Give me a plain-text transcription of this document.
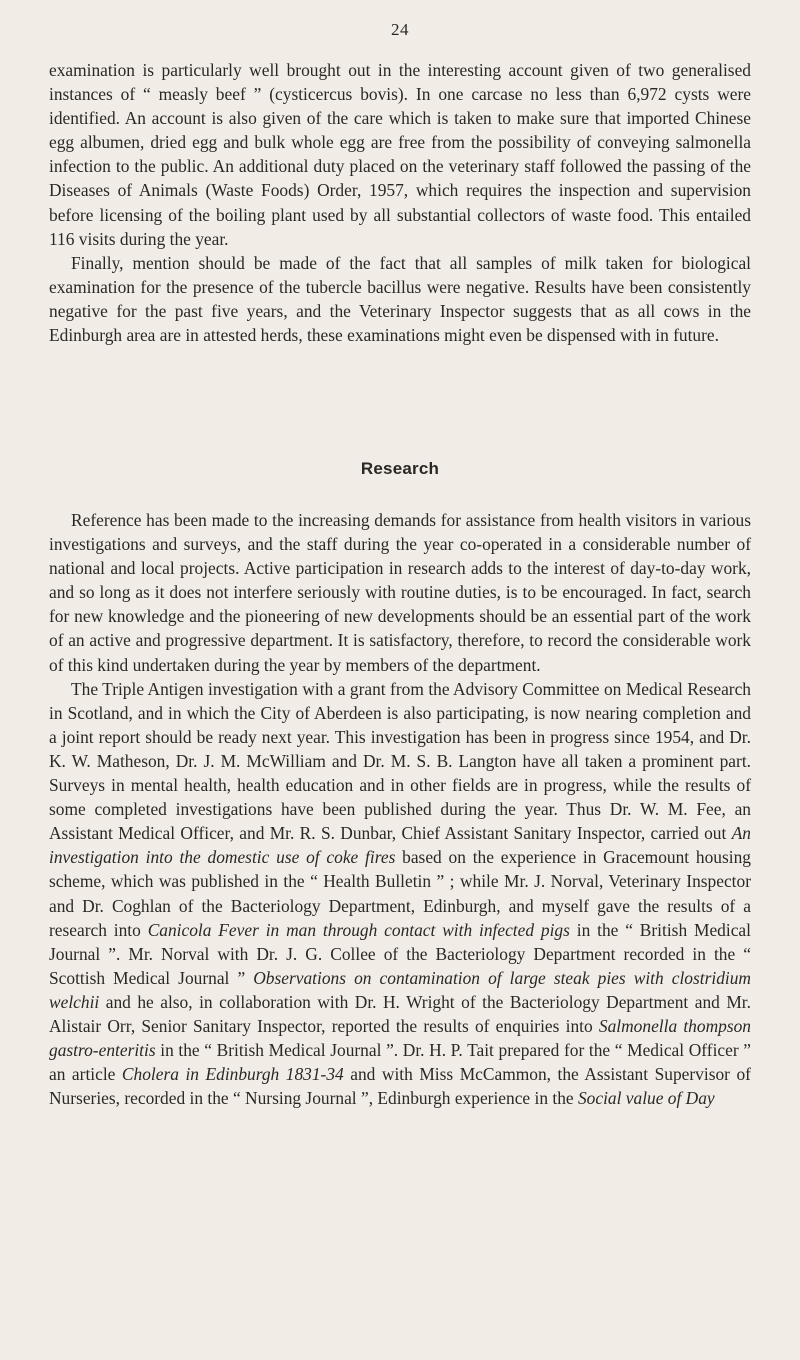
24

examination is particularly well brought out in the interesting account given of two generalised instances of “ measly beef ” (cysticercus bovis). In one carcase no less than 6,972 cysts were identified. An account is also given of the care which is taken to make sure that imported Chinese egg albumen, dried egg and bulk whole egg are free from the possibility of conveying salmonella infection to the public. An additional duty placed on the veterinary staff followed the passing of the Diseases of Animals (Waste Foods) Order, 1957, which requires the inspection and supervision before licensing of the boiling plant used by all substantial collectors of waste food. This entailed 116 visits during the year.

Finally, mention should be made of the fact that all samples of milk taken for biological examination for the presence of the tubercle bacillus were negative. Results have been consistently negative for the past five years, and the Veterinary Inspector suggests that as all cows in the Edinburgh area are in attested herds, these examinations might even be dispensed with in future.

Research

Reference has been made to the increasing demands for assistance from health visitors in various investigations and surveys, and the staff during the year co-operated in a considerable number of national and local projects. Active participation in research adds to the interest of day-to-day work, and so long as it does not interfere seriously with routine duties, is to be encouraged. In fact, search for new knowledge and the pioneering of new developments should be an essential part of the work of an active and progressive department. It is satisfactory, therefore, to record the considerable work of this kind undertaken during the year by members of the department.

The Triple Antigen investigation with a grant from the Advisory Committee on Medical Research in Scotland, and in which the City of Aberdeen is also participating, is now nearing completion and a joint report should be ready next year. This investigation has been in progress since 1954, and Dr. K. W. Matheson, Dr. J. M. McWilliam and Dr. M. S. B. Langton have all taken a prominent part. Surveys in mental health, health education and in other fields are in progress, while the results of some completed investigations have been published during the year. Thus Dr. W. M. Fee, an Assistant Medical Officer, and Mr. R. S. Dunbar, Chief Assistant Sanitary Inspector, carried out An investigation into the domestic use of coke fires based on the experience in Gracemount housing scheme, which was published in the “ Health Bulletin ” ; while Mr. J. Norval, Veterinary Inspector and Dr. Coghlan of the Bacteriology Department, Edinburgh, and myself gave the results of a research into Canicola Fever in man through contact with infected pigs in the “ British Medical Journal ”. Mr. Norval with Dr. J. G. Collee of the Bacteriology Department recorded in the “ Scottish Medical Journal ” Observations on contamination of large steak pies with clostridium welchii and he also, in collaboration with Dr. H. Wright of the Bacteriology Department and Mr. Alistair Orr, Senior Sanitary Inspector, reported the results of enquiries into Salmonella thompson gastro-enteritis in the “ British Medical Journal ”. Dr. H. P. Tait prepared for the “ Medical Officer ” an article Cholera in Edinburgh 1831-34 and with Miss McCammon, the Assistant Supervisor of Nurseries, recorded in the “ Nursing Journal ”, Edinburgh experience in the Social value of Day
